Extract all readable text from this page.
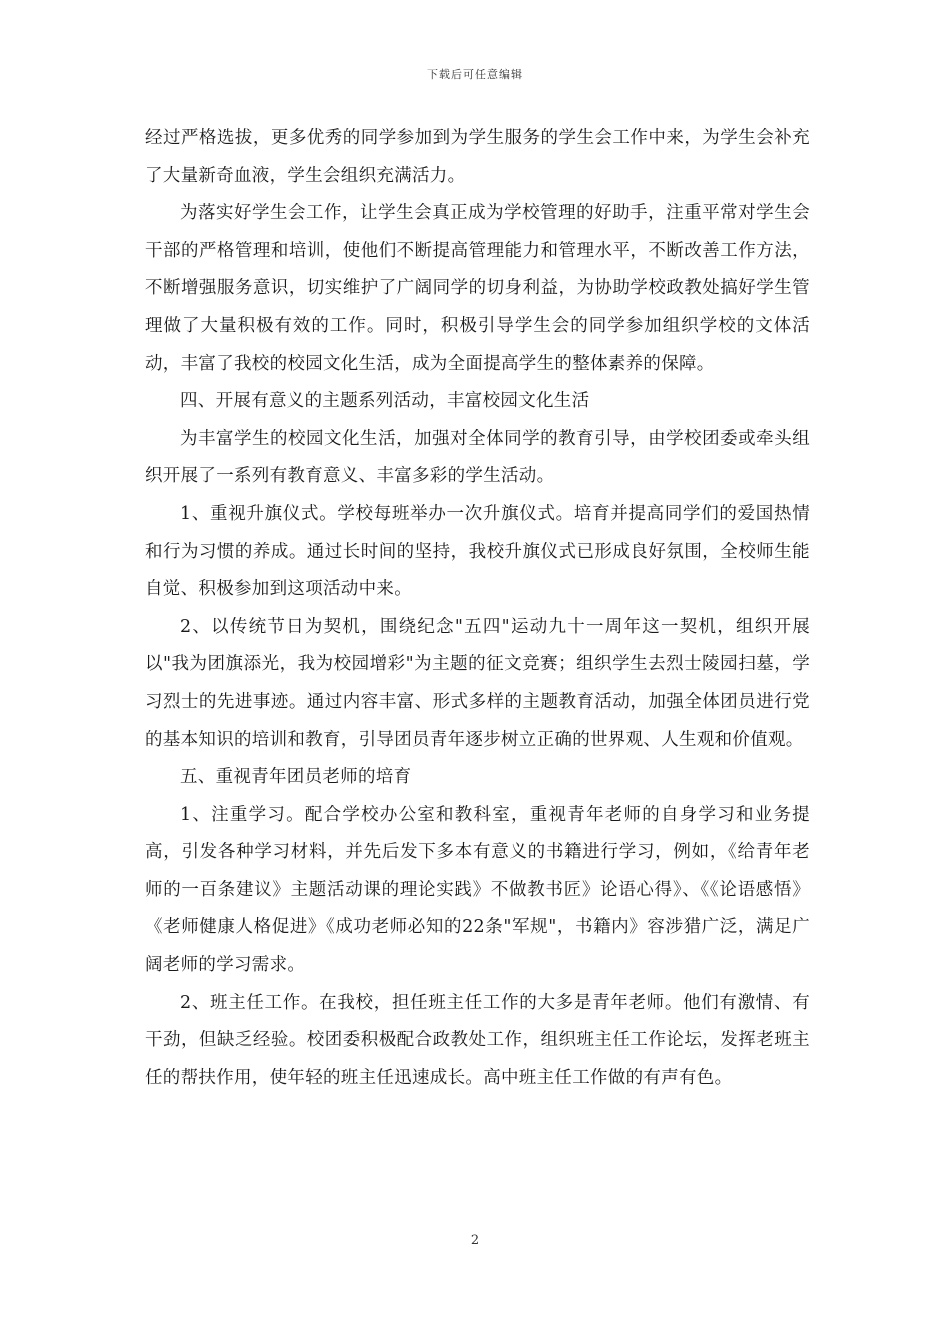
下载后可任意编辑

经过严格选拔，更多优秀的同学参加到为学生服务的学生会工作中来，为学生会补充了大量新奇血液，学生会组织充满活力。

为落实好学生会工作，让学生会真正成为学校管理的好助手，注重平常对学生会干部的严格管理和培训，使他们不断提高管理能力和管理水平，不断改善工作方法，不断增强服务意识，切实维护了广阔同学的切身利益，为协助学校政教处搞好学生管理做了大量积极有效的工作。同时，积极引导学生会的同学参加组织学校的文体活动，丰富了我校的校园文化生活，成为全面提高学生的整体素养的保障。

四、开展有意义的主题系列活动，丰富校园文化生活

为丰富学生的校园文化生活，加强对全体同学的教育引导，由学校团委或牵头组织开展了一系列有教育意义、丰富多彩的学生活动。

1、重视升旗仪式。学校每班举办一次升旗仪式。培育并提高同学们的爱国热情和行为习惯的养成。通过长时间的坚持，我校升旗仪式已形成良好氛围，全校师生能自觉、积极参加到这项活动中来。

2、以传统节日为契机，围绕纪念"五四"运动九十一周年这一契机，组织开展以"我为团旗添光，我为校园增彩"为主题的征文竞赛；组织学生去烈士陵园扫墓，学习烈士的先进事迹。通过内容丰富、形式多样的主题教育活动，加强全体团员进行党的基本知识的培训和教育，引导团员青年逐步树立正确的世界观、人生观和价值观。

五、重视青年团员老师的培育

1、注重学习。配合学校办公室和教科室，重视青年老师的自身学习和业务提高，引发各种学习材料，并先后发下多本有意义的书籍进行学习，例如，《给青年老师的一百条建议》主题活动课的理论实践》不做教书匠》论语心得》、《《论语感悟》《老师健康人格促进》《成功老师必知的22条"军规"，书籍内》容涉猎广泛，满足广阔老师的学习需求。

2、班主任工作。在我校，担任班主任工作的大多是青年老师。他们有激情、有干劲，但缺乏经验。校团委积极配合政教处工作，组织班主任工作论坛，发挥老班主任的帮扶作用，使年轻的班主任迅速成长。高中班主任工作做的有声有色。

2
